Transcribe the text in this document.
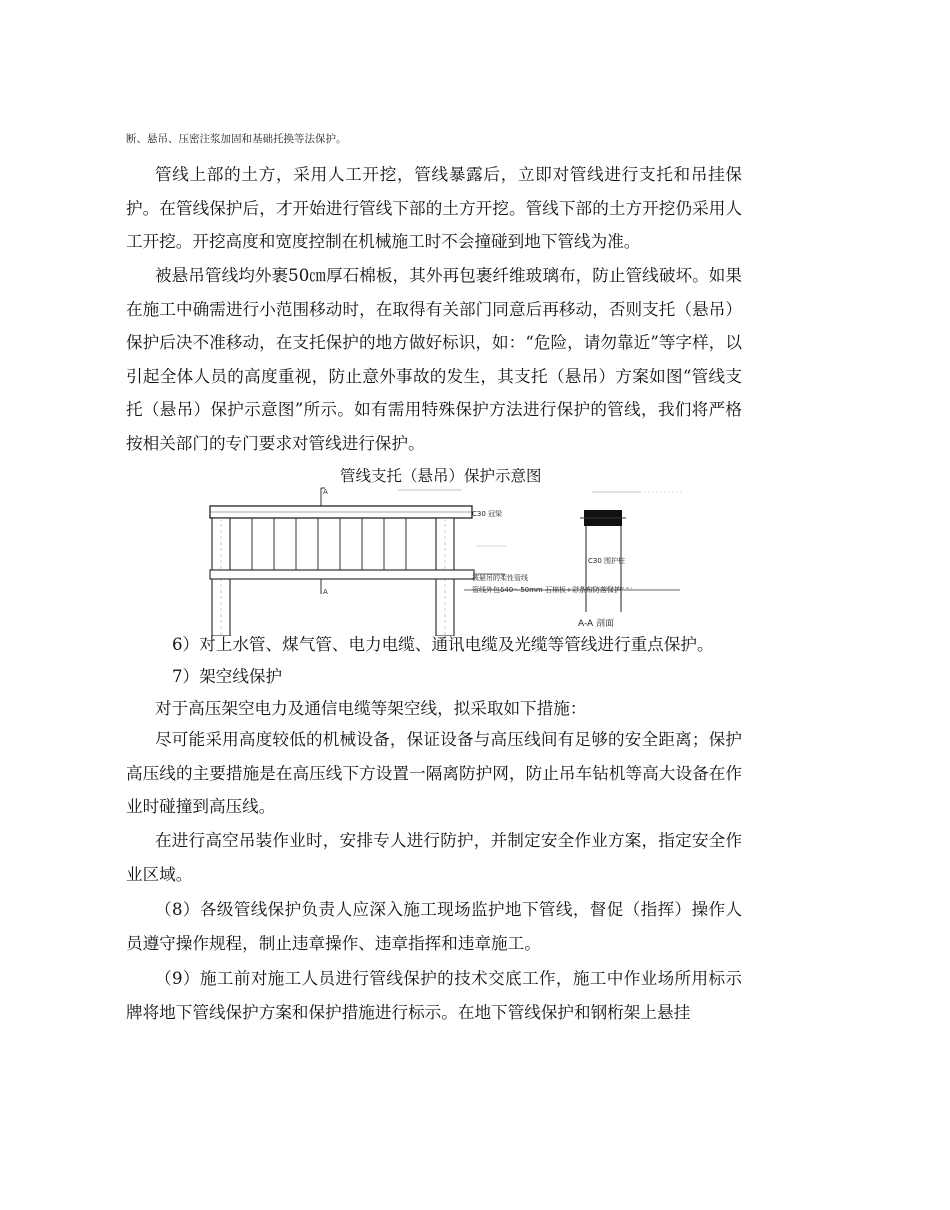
断、悬吊、压密注浆加固和基础托换等法保护。

管线上部的土方，采用人工开挖，管线暴露后，立即对管线进行支托和吊挂保护。在管线保护后，才开始进行管线下部的土方开挖。管线下部的土方开挖仍采用人工开挖。开挖高度和宽度控制在机械施工时不会撞碰到地下管线为准。

被悬吊管线均外裹50㎝厚石棉板，其外再包裹纤维玻璃布，防止管线破坏。如果在施工中确需进行小范围移动时，在取得有关部门同意后再移动，否则支托（悬吊）保护后决不准移动，在支托保护的地方做好标识，如：“危险，请勿靠近”等字样，以引起全体人员的高度重视，防止意外事故的发生，其支托（悬吊）方案如图“管线支托（悬吊）保护示意图”所示。如有需用特殊保护方法进行保护的管线，我们将严格按相关部门的专门要求对管线进行保护。

管线支托（悬吊）保护示意图
A
A
C30 冠梁
被悬吊的柔性管线
管线外包δ40～50mm 石棉板+彩条布防落保护
C30 围护桩
A-A 剖面
6）对上水管、煤气管、电力电缆、通讯电缆及光缆等管线进行重点保护。
7）架空线保护
对于高压架空电力及通信电缆等架空线，拟采取如下措施：

尽可能采用高度较低的机械设备，保证设备与高压线间有足够的安全距离；保护高压线的主要措施是在高压线下方设置一隔离防护网，防止吊车钻机等高大设备在作业时碰撞到高压线。

在进行高空吊装作业时，安排专人进行防护，并制定安全作业方案，指定安全作业区域。

（8）各级管线保护负责人应深入施工现场监护地下管线，督促（指挥）操作人员遵守操作规程，制止违章操作、违章指挥和违章施工。

（9）施工前对施工人员进行管线保护的技术交底工作，施工中作业场所用标示牌将地下管线保护方案和保护措施进行标示。在地下管线保护和钢桁架上悬挂
